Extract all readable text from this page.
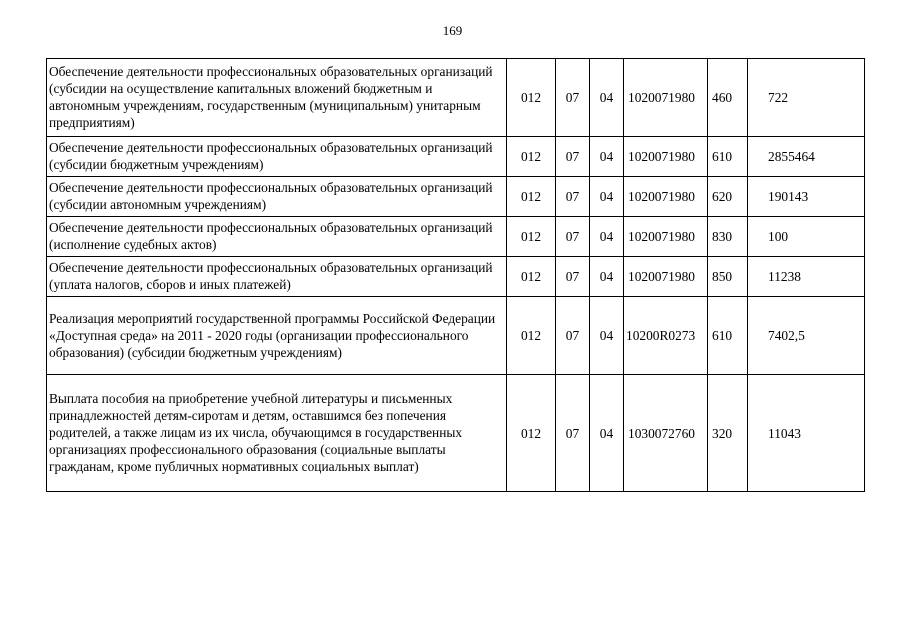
169
Обеспечение деятельности профессиональных образовательных организаций (субсидии на осуществление капитальных вложений бюджетным и автономным учреждениям, государственным (муниципальным) унитарным предприятиям)	012	07	04	1020071980	460	722
Обеспечение деятельности профессиональных образовательных организаций (субсидии бюджетным учреждениям)	012	07	04	1020071980	610	2855464
Обеспечение деятельности профессиональных образовательных организаций (субсидии автономным учреждениям)	012	07	04	1020071980	620	190143
Обеспечение деятельности профессиональных образовательных организаций (исполнение судебных актов)	012	07	04	1020071980	830	100
Обеспечение деятельности профессиональных образовательных организаций (уплата налогов, сборов и иных платежей)	012	07	04	1020071980	850	11238
Реализация мероприятий государственной программы Российской Федерации «Доступная среда» на 2011 - 2020 годы (организации профессионального образования) (субсидии бюджетным учреждениям)	012	07	04	10200R0273	610	7402,5
Выплата пособия на приобретение учебной литературы и письменных принадлежностей детям-сиротам и детям, оставшимся без попечения родителей, а также лицам из их числа, обучающимся в государственных организациях профессионального образования (социальные выплаты гражданам, кроме публичных нормативных социальных выплат)	012	07	04	1030072760	320	11043
